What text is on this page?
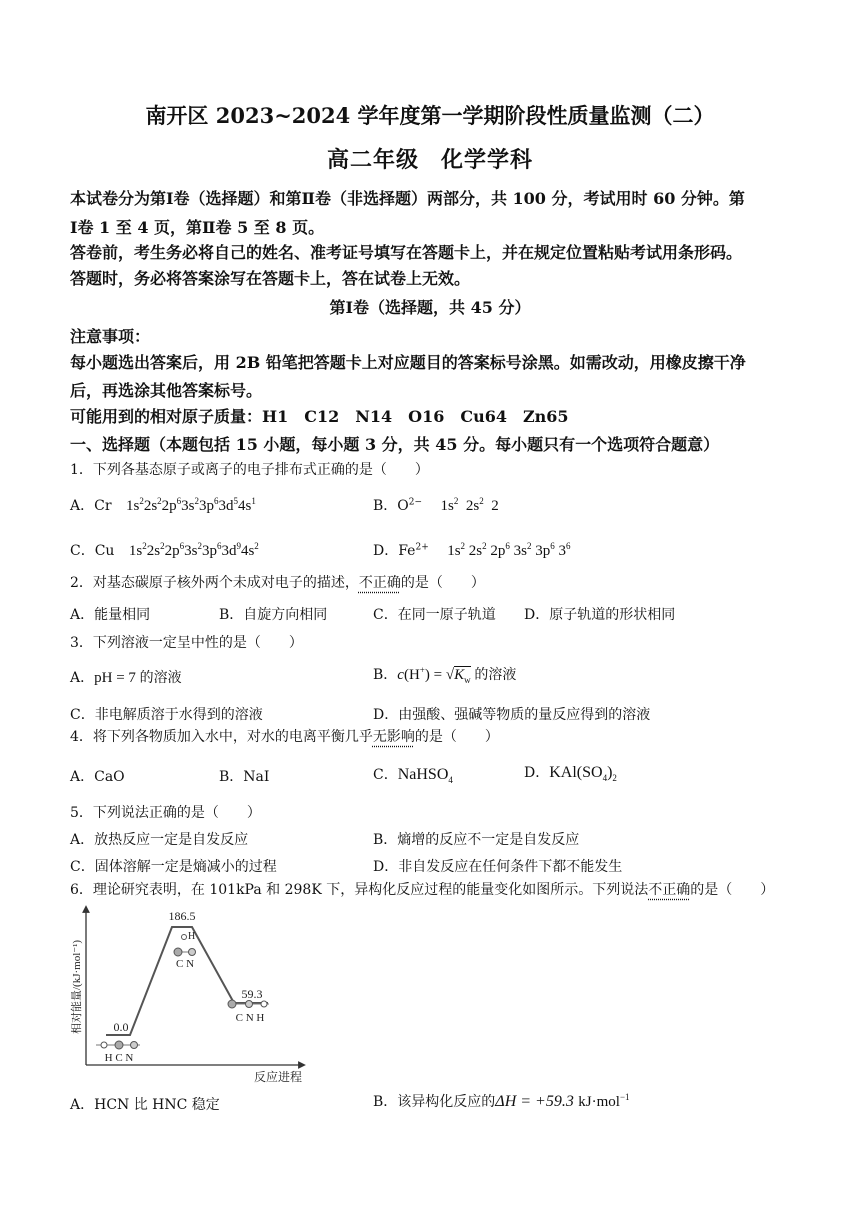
南开区 2023~2024 学年度第一学期阶段性质量监测（二）
高二年级 化学学科
本试卷分为第Ⅰ卷（选择题）和第Ⅱ卷（非选择题）两部分，共 100 分，考试用时 60 分钟。第
Ⅰ卷 1 至 4 页，第Ⅱ卷 5 至 8 页。
答卷前，考生务必将自己的姓名、准考证号填写在答题卡上，并在规定位置粘贴考试用条形码。
答题时，务必将答案涂写在答题卡上，答在试卷上无效。
第Ⅰ卷（选择题，共 45 分）
注意事项：
每小题选出答案后，用 2B 铅笔把答题卡上对应题目的答案标号涂黑。如需改动，用橡皮擦干净
后，再选涂其他答案标号。
可能用到的相对原子质量：H1　C12　N14　O16　Cu64　Zn65
一、选择题（本题包括 15 小题，每小题 3 分，共 45 分。每小题只有一个选项符合题意）
1．下列各基态原子或离子的电子排布式正确的是（　　）
A．Cr $1s^22s^22p^63s^23p^63d^54s^1$	B．$O^{2-}$ $1s^2$  $2s^2$  2
C．Cu $1s^22s^22p^63s^23p^63d^94s^2$	D．$Fe^{2+}$ $1s^2$ $2s^2$ $2p^6$ $3s^2$ $3p^6$ $3^6$
2．对基态碳原子核外两个未成对电子的描述，不正确的是（　　）
A．能量相同	B．自旋方向相同	C．在同一原子轨道 D．原子轨道的形状相同
3．下列溶液一定呈中性的是（　　）
A．pH = 7 的溶液	B．$c(H^+) = √K_w$ 的溶液
C．非电解质溶于水得到的溶液	D．由强酸、强碱等物质的量反应得到的溶液
4．将下列各物质加入水中，对水的电离平衡几乎无影响的是（　　）
A．CaO	B．NaI	C．NaHSO$_4$	D．$KAl(SO_4)_2$
5．下列说法正确的是（　　）
A．放热反应一定是自发反应	B．熵增的反应不一定是自发反应
C．固体溶解一定是熵减小的过程	D．非自发反应在任何条件下都不能发生
6．理论研究表明，在 101kPa 和 298K 下，异构化反应过程的能量变化如图所示。下列说法不正确的是（　　）
相对能量/(kJ·mol⁻¹)
反应进程
0.0
H C N
186.5
H
C N
59.3
C N H
A．HCN 比 HNC 稳定	B．该异构化反应的ΔH = +59.3 kJ·mol$^{-1}$
